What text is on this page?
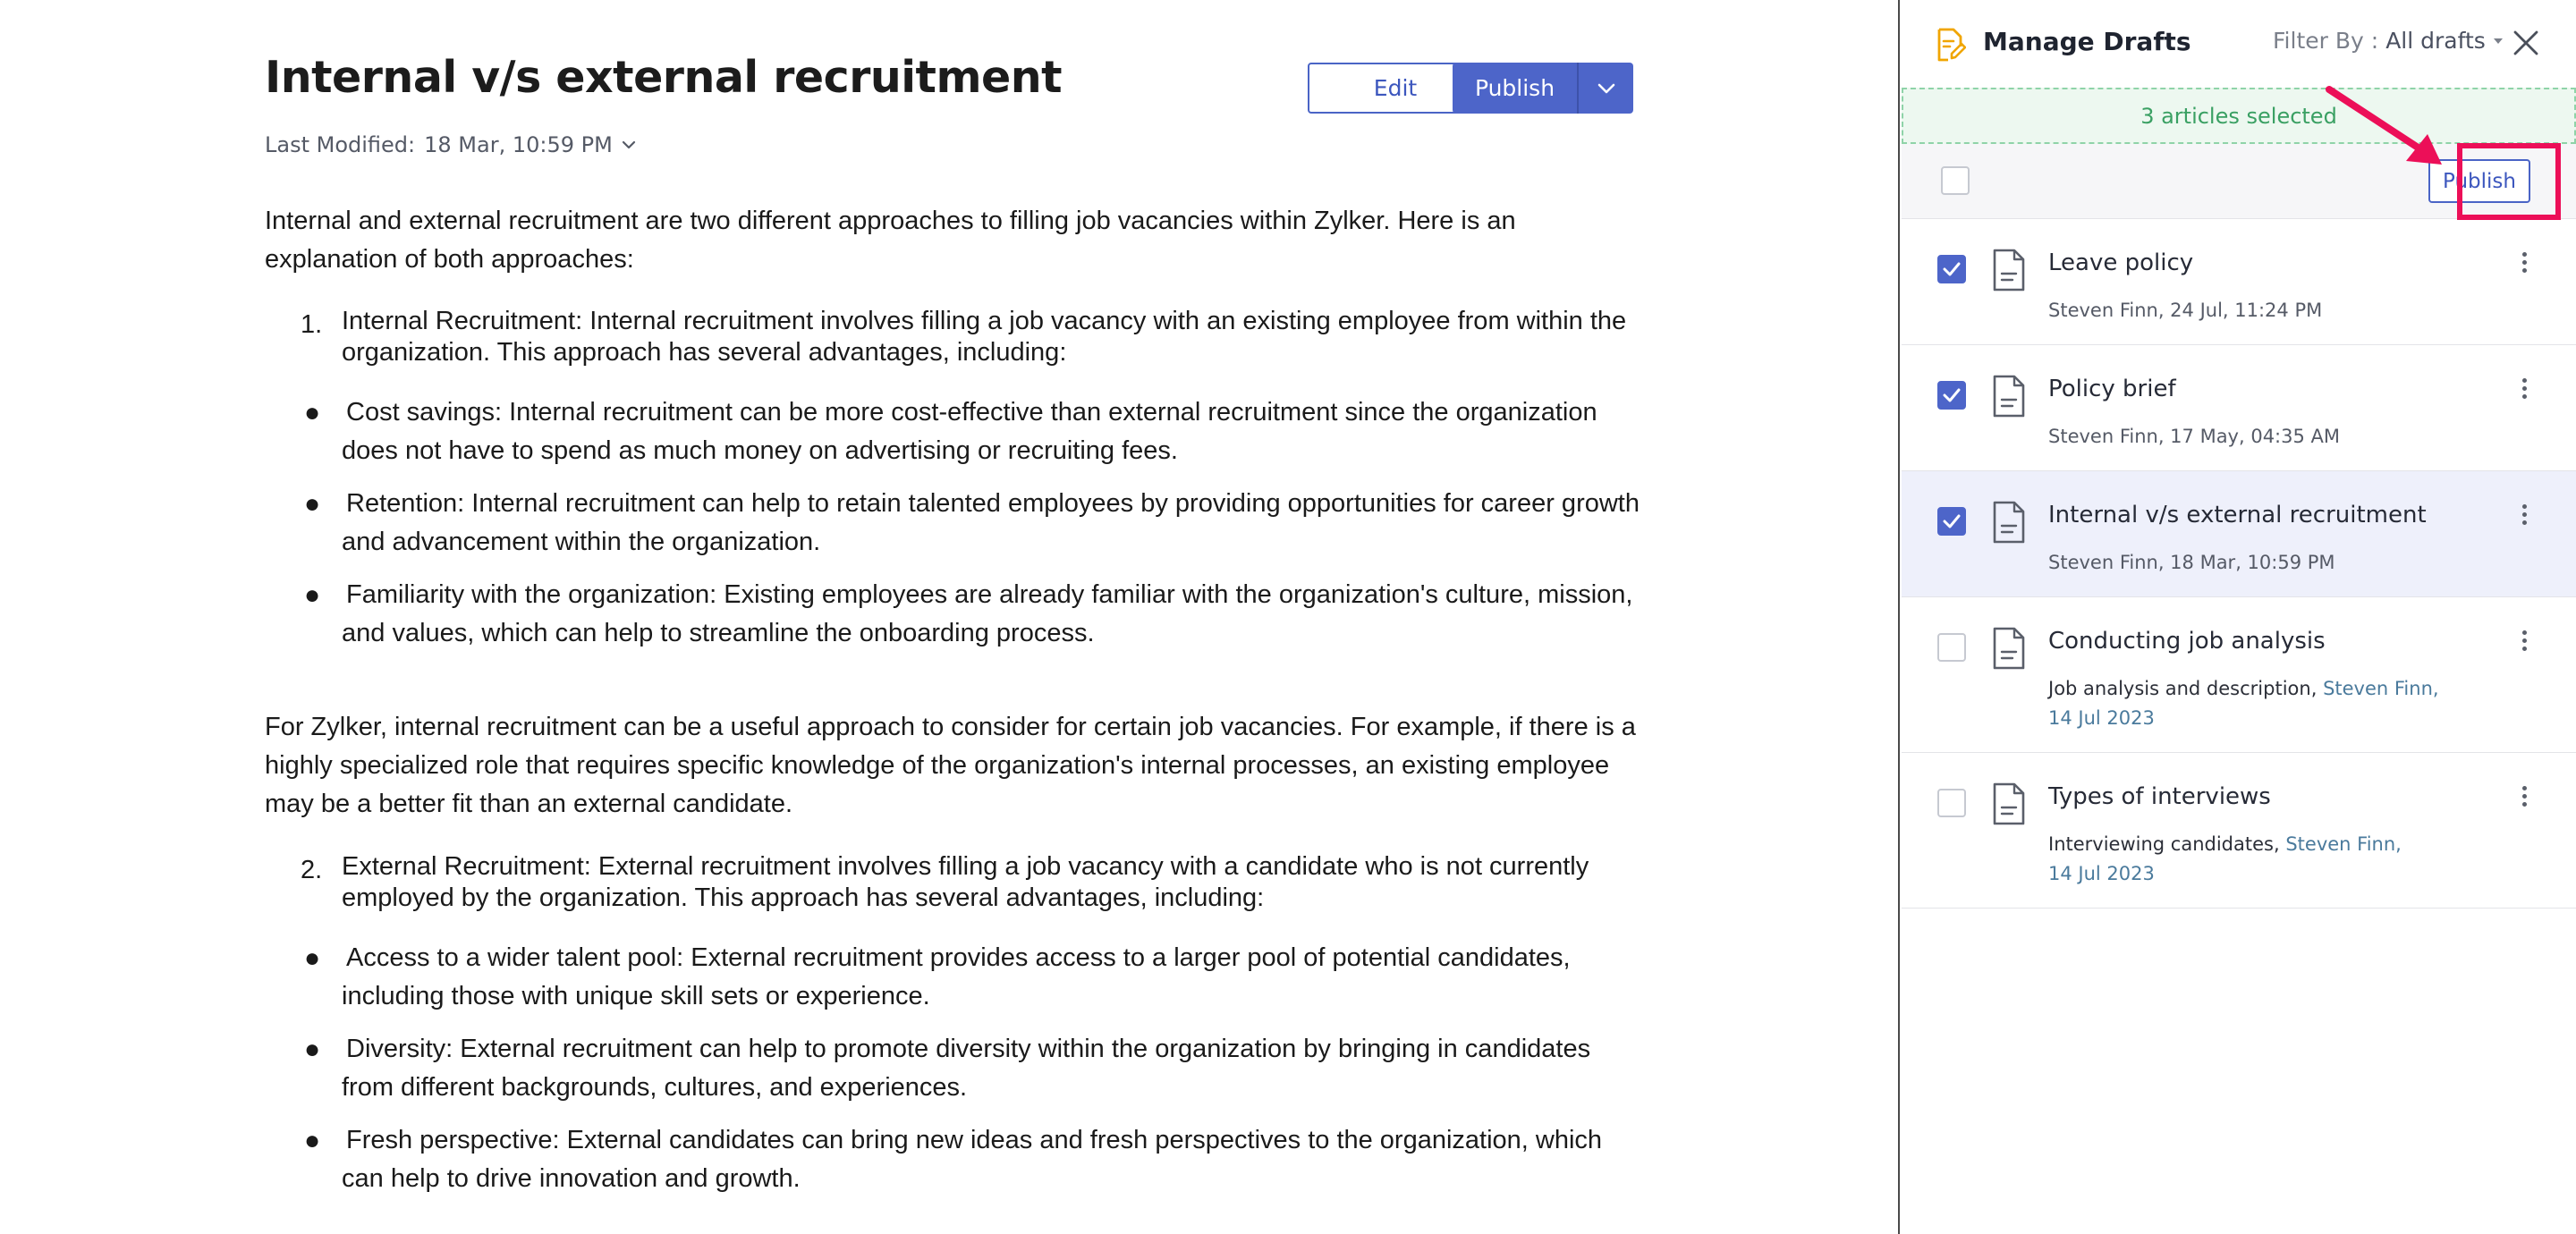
Internal v/s external recruitment	Edit	Publish
Last Modified: 18 Mar, 10:59 PM

Internal and external recruitment are two different approaches to filling job vacancies within Zylker. Here is an explanation of both approaches:

1. Internal Recruitment: Internal recruitment involves filling a job vacancy with an existing employee from within the organization. This approach has several advantages, including:
● Cost savings: Internal recruitment can be more cost-effective than external recruitment since the organization does not have to spend as much money on advertising or recruiting fees.
● Retention: Internal recruitment can help to retain talented employees by providing opportunities for career growth and advancement within the organization.
● Familiarity with the organization: Existing employees are already familiar with the organization's culture, mission, and values, which can help to streamline the onboarding process.

For Zylker, internal recruitment can be a useful approach to consider for certain job vacancies. For example, if there is a highly specialized role that requires specific knowledge of the organization's internal processes, an existing employee may be a better fit than an external candidate.

2. External Recruitment: External recruitment involves filling a job vacancy with a candidate who is not currently employed by the organization. This approach has several advantages, including:
● Access to a wider talent pool: External recruitment provides access to a larger pool of potential candidates, including those with unique skill sets or experience.
● Diversity: External recruitment can help to promote diversity within the organization by bringing in candidates from different backgrounds, cultures, and experiences.
● Fresh perspective: External candidates can bring new ideas and fresh perspectives to the organization, which can help to drive innovation and growth.
Manage Drafts	Filter By : All drafts
3 articles selected
Publish
Leave policy
Steven Finn, 24 Jul, 11:24 PM
Policy brief
Steven Finn, 17 May, 04:35 AM
Internal v/s external recruitment
Steven Finn, 18 Mar, 10:59 PM
Conducting job analysis
Job analysis and description, Steven Finn,
14 Jul 2023
Types of interviews
Interviewing candidates, Steven Finn,
14 Jul 2023
